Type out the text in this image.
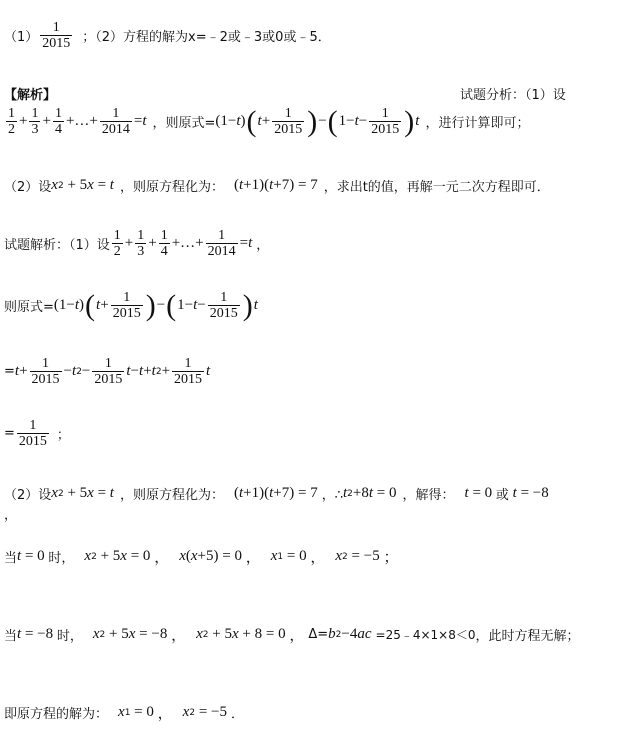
$(1) \frac{1}{2015}$ ；（2）方程的解为x=﹣2或﹣3或0或﹣5．
【解析】	试题分析：（1）设
$\frac{1}{2} + \frac{1}{3} + \frac{1}{4}$ +…+ $\frac{1}{2014} = t$ ，则原式= (1− t ) ( $t + \frac{1}{2015}$ ) − ( $1- t - \frac{1}{2015}$ ) t ，进行计算即可；
（2）设 x 2 + 5 x = t ，则原方程化为： ( t +1)( t +7) = 7 ，求出t的值，再解一元二次方程即可．
试题解析：（1）设 $\frac{1}{2} + \frac{1}{3} + \frac{1}{4}$ +…+ $\frac{1}{2014} = t$ ，
则原式= (1− t ) ( $t + \frac{1}{2015}$ ) − ( $1- t - \frac{1}{2015}$ ) t
= $t + \frac{1}{2015} - t$ $2 - \frac{1}{2015}$ t − t + t $2 + \frac{1}{2015}$ t
= $\frac{1}{2015}$ ；
（2）设 x 2 + 5 x = t ，则原方程化为： ( t +1)( t +7) = 7 ，∴ t 2 +8 t = 0 ，解得： t = 0 或 t = −8
，
当 t = 0 时， x 2 + 5 x = 0 ， x ( x +5) = 0 ， x 1 = 0 ， x 2 = −5 ；
当 t = −8 时， x 2 + 5 x = −8 ， x 2 + 5 x + 8 = 0 ， Δ= b 2 −4 ac =25﹣4×1×8＜0 ，此时方程无解；
即原方程的解为： x 1 = 0 ， x 2 = −5 ．
